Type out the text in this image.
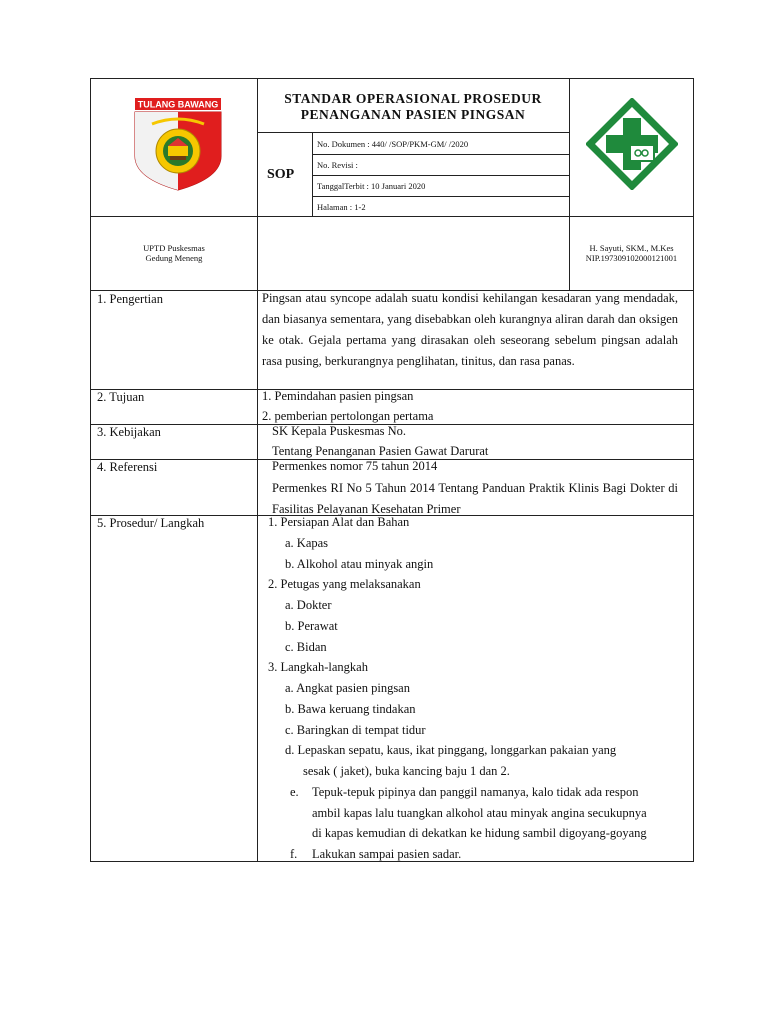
TULANG BAWANG	STANDAR OPERASIONAL PROSEDUR
PENANGANAN PASIEN PINGSAN
SOP
No. Dokumen : 440/ /SOP/PKM-GM/ /2020
No. Revisi :
TanggalTerbit : 10 Januari 2020
Halaman : 1-2
UPTD Puskesmas
Gedung Meneng
H. Sayuti, SKM., M.Kes
NIP.197309102000121001
1. Pengertian
2. Tujuan
3. Kebijakan
4. Referensi
5. Prosedur/ Langkah
Pingsan atau syncope adalah suatu kondisi kehilangan kesadaran yang mendadak, dan biasanya sementara, yang disebabkan oleh kurangnya aliran darah dan oksigen ke otak. Gejala pertama yang dirasakan oleh seseorang sebelum pingsan adalah rasa pusing, berkurangnya penglihatan, tinitus, dan rasa panas.
1. Pemindahan pasien pingsan
2. pemberian pertolongan pertama
SK Kepala Puskesmas No.
Tentang Penanganan Pasien Gawat Darurat
Permenkes nomor 75 tahun 2014
Permenkes RI No 5 Tahun 2014 Tentang Panduan Praktik Klinis Bagi Dokter di Fasilitas Pelayanan Kesehatan Primer
1. Persiapan Alat dan Bahan
a. Kapas
b. Alkohol atau minyak angin
2. Petugas yang melaksanakan
a. Dokter
b. Perawat
c. Bidan
3. Langkah-langkah
a. Angkat pasien pingsan
b. Bawa keruang tindakan
c. Baringkan di tempat tidur
d. Lepaskan sepatu, kaus, ikat pinggang, longgarkan pakaian yang
sesak ( jaket), buka kancing baju 1 dan 2.
e. Tepuk-tepuk pipinya dan panggil namanya, kalo tidak ada respon
ambil kapas lalu tuangkan alkohol atau minyak angina secukupnya
di kapas kemudian di dekatkan ke hidung sambil digoyang-goyang
f. Lakukan sampai pasien sadar.
